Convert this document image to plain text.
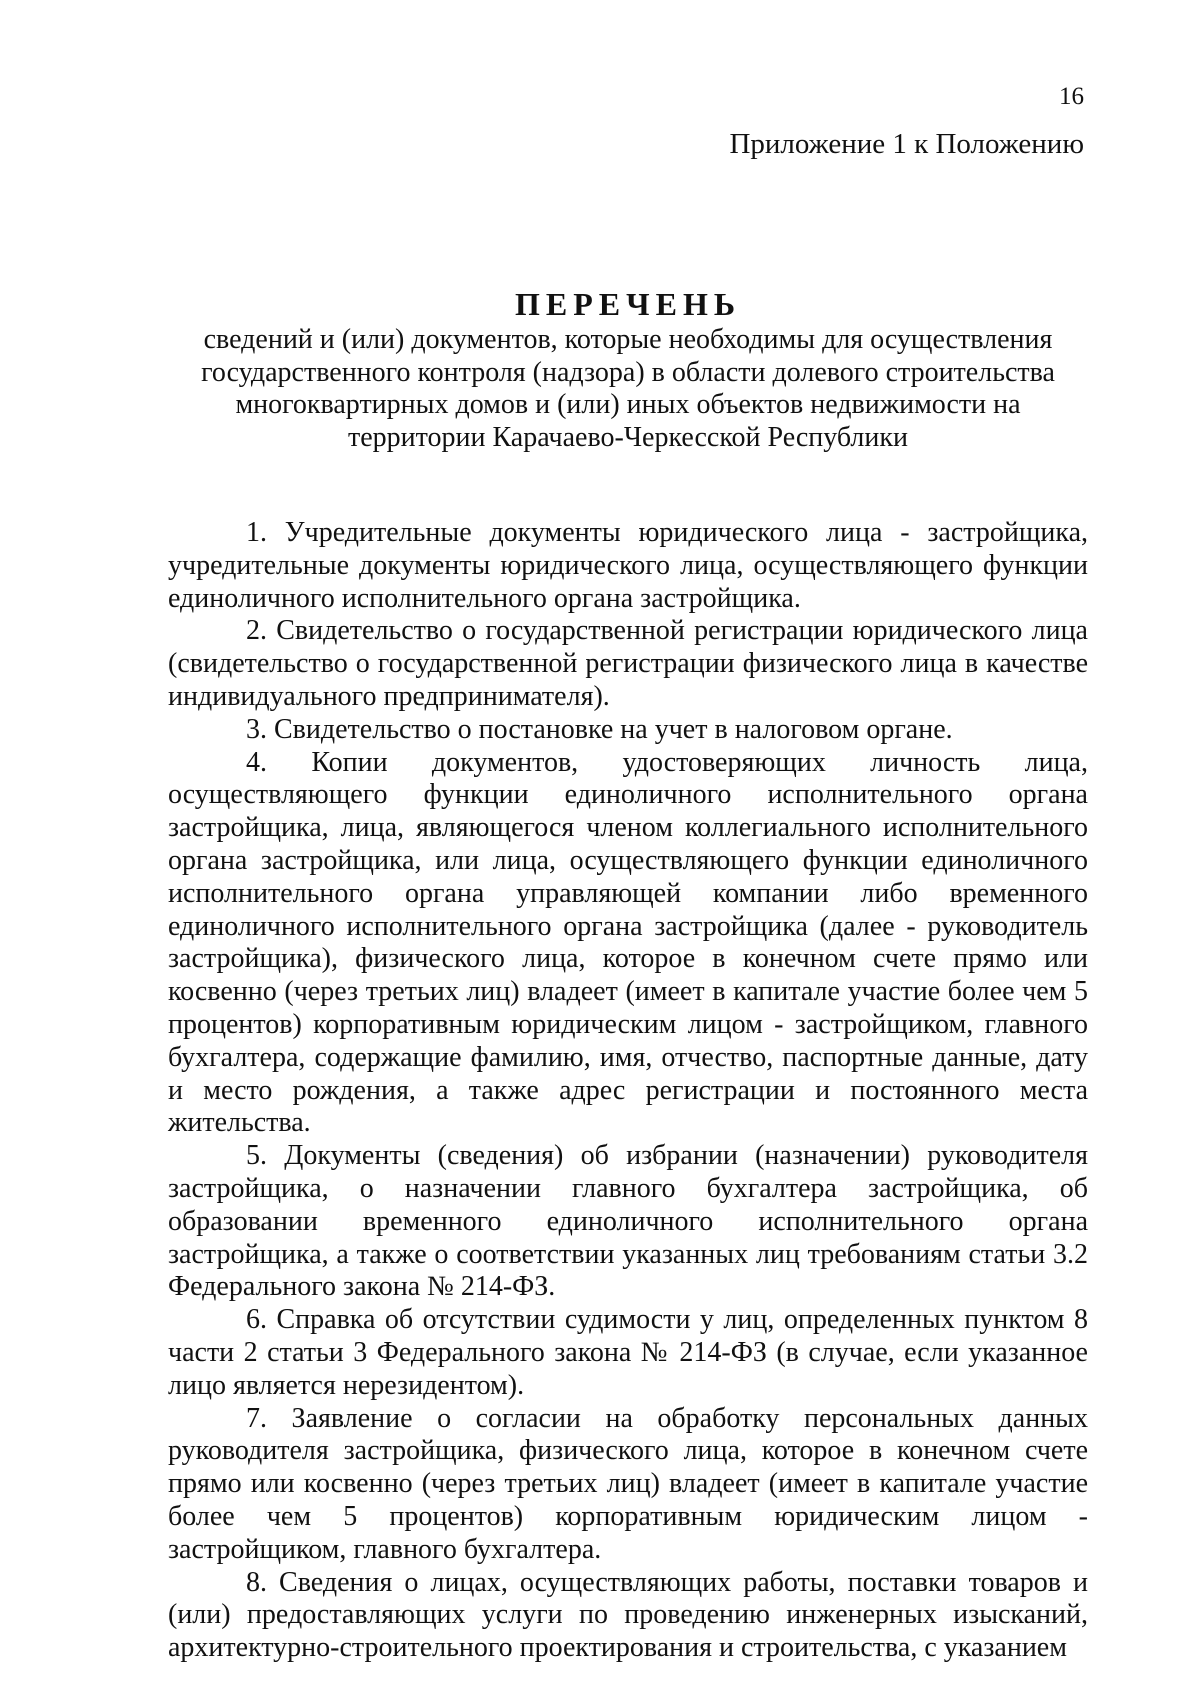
16
Приложение 1 к Положению
ПЕРЕЧЕНЬ

сведений и (или) документов, которые необходимы для осуществления государственного контроля (надзора) в области долевого строительства многоквартирных домов и (или) иных объектов недвижимости на территории Карачаево-Черкесской Республики

1. Учредительные документы юридического лица - застройщика, учредительные документы юридического лица, осуществляющего функции единоличного исполнительного органа застройщика.

2. Свидетельство о государственной регистрации юридического лица (свидетельство о государственной регистрации физического лица в качестве индивидуального предпринимателя).

3. Свидетельство о постановке на учет в налоговом органе.

4. Копии документов, удостоверяющих личность лица, осуществляющего функции единоличного исполнительного органа застройщика, лица, являющегося членом коллегиального исполнительного органа застройщика, или лица, осуществляющего функции единоличного исполнительного органа управляющей компании либо временного единоличного исполнительного органа застройщика (далее - руководитель застройщика), физического лица, которое в конечном счете прямо или косвенно (через третьих лиц) владеет (имеет в капитале участие более чем 5 процентов) корпоративным юридическим лицом - застройщиком, главного бухгалтера, содержащие фамилию, имя, отчество, паспортные данные, дату и место рождения, а также адрес регистрации и постоянного места жительства.

5. Документы (сведения) об избрании (назначении) руководителя застройщика, о назначении главного бухгалтера застройщика, об образовании временного единоличного исполнительного органа застройщика, а также о соответствии указанных лиц требованиям статьи 3.2 Федерального закона № 214-ФЗ.

6. Справка об отсутствии судимости у лиц, определенных пунктом 8 части 2 статьи 3 Федерального закона № 214-ФЗ (в случае, если указанное лицо является нерезидентом).

7. Заявление о согласии на обработку персональных данных руководителя застройщика, физического лица, которое в конечном счете прямо или косвенно (через третьих лиц) владеет (имеет в капитале участие более чем 5 процентов) корпоративным юридическим лицом - застройщиком, главного бухгалтера.

8. Сведения о лицах, осуществляющих работы, поставки товаров и (или) предоставляющих услуги по проведению инженерных изысканий, архитектурно-строительного проектирования и строительства, с указанием
